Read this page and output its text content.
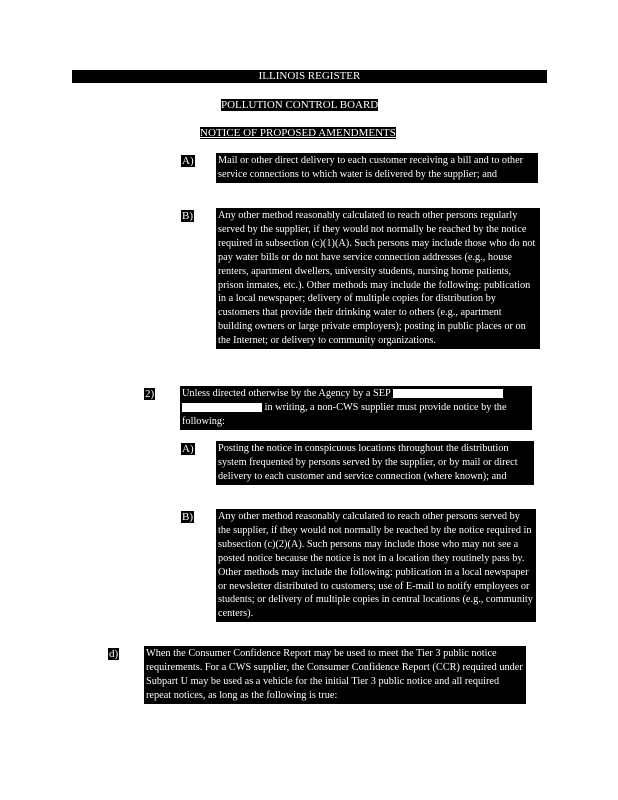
ILLINOIS REGISTER
POLLUTION CONTROL BOARD
NOTICE OF PROPOSED AMENDMENTS
A) Mail or other direct delivery to each customer receiving a bill and to other service connections to which water is delivered by the supplier; and

B) Any other method reasonably calculated to reach other persons regularly served by the supplier, if they would not normally be reached by the notice required in subsection (c)(1)(A). Such persons may include those who do not pay water bills or do not have service connection addresses (e.g., house renters, apartment dwellers, university students, nursing home patients, prison inmates, etc.). Other methods may include the following: publication in a local newspaper; delivery of multiple copies for distribution by customers that provide their drinking water to others (e.g., apartment building owners or large private employers); posting in public places or on the Internet; or delivery to community organizations.

2)	Unless directed otherwise by the Agency by a SEP   in writing, a non-CWS supplier must provide notice by the following:

A) Posting the notice in conspicuous locations throughout the distribution system frequented by persons served by the supplier, or by mail or direct delivery to each customer and service connection (where known); and

B) Any other method reasonably calculated to reach other persons served by the supplier, if they would not normally be reached by the notice required in subsection (c)(2)(A). Such persons may include those who may not see a posted notice because the notice is not in a location they routinely pass by. Other methods may include the following: publication in a local newspaper or newsletter distributed to customers; use of E-mail to notify employees or students; or delivery of multiple copies in central locations (e.g., community centers).

d)	When the Consumer Confidence Report may be used to meet the Tier 3 public notice requirements. For a CWS supplier, the Consumer Confidence Report (CCR) required under Subpart U may be used as a vehicle for the initial Tier 3 public notice and all required repeat notices, as long as the following is true:
